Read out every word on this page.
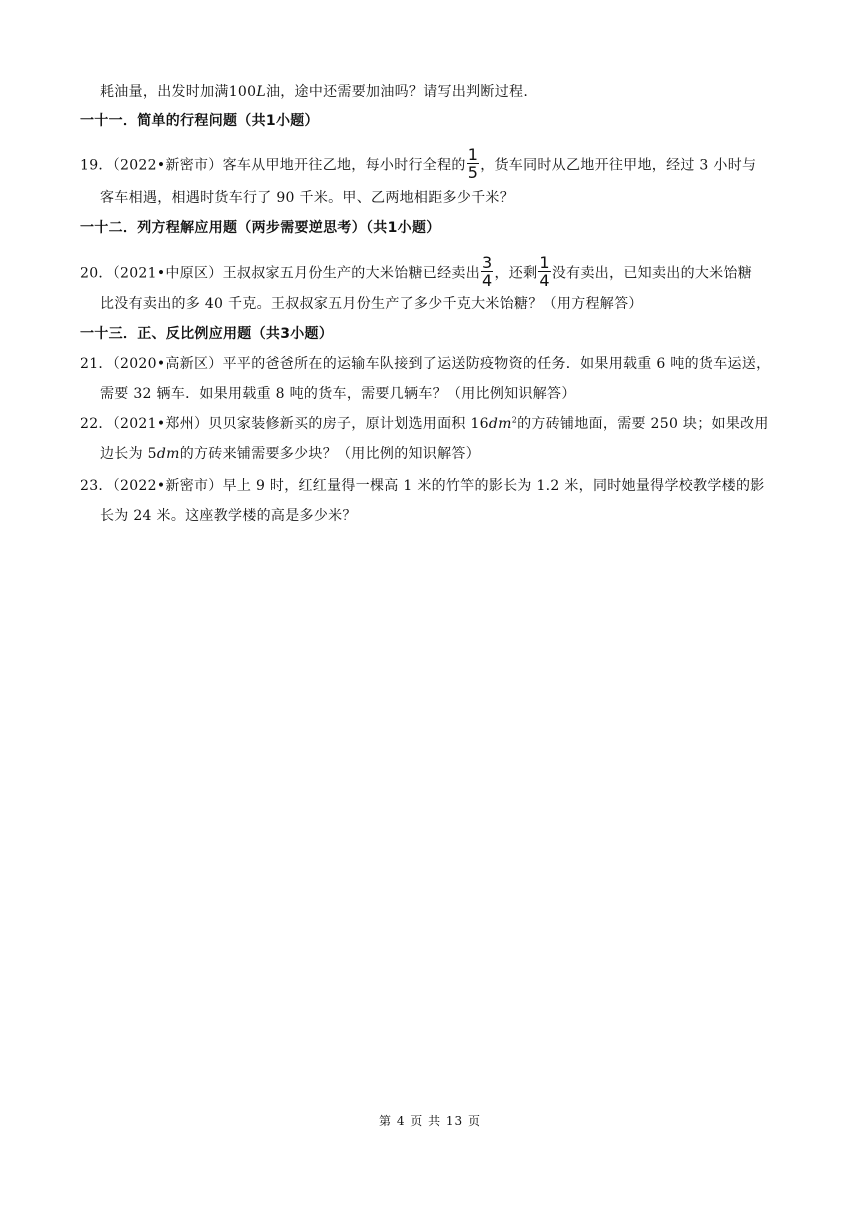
耗油量，出发时加满100L油，途中还需要加油吗？请写出判断过程.
一十一．简单的行程问题（共1小题）
19．（2022•新密市）客车从甲地开往乙地，每小时行全程的 $\frac{1}{5}$ ，货车同时从乙地开往甲地，经过 3 小时与
客车相遇，相遇时货车行了 90 千米。甲、乙两地相距多少千米？
一十二．列方程解应用题（两步需要逆思考）（共1小题）
20．（2021•中原区）王叔叔家五月份生产的大米饴糖已经卖出 $\frac{3}{4}$ ，还剩 $\frac{1}{4}$ 没有卖出，已知卖出的大米饴糖
比没有卖出的多 40 千克。王叔叔家五月份生产了多少千克大米饴糖？（用方程解答）
一十三．正、反比例应用题（共3小题）
21．（2020•高新区）平平的爸爸所在的运输车队接到了运送防疫物资的任务．如果用载重 6 吨的货车运送，
需要 32 辆车．如果用载重 8 吨的货车，需要几辆车？（用比例知识解答）
22．（2021•郑州）贝贝家装修新买的房子，原计划选用面积 $16dm^2$的方砖铺地面，需要 250 块；如果改用
边长为 5dm的方砖来铺需要多少块？（用比例的知识解答）
23．（2022•新密市）早上 9 时，红红量得一棵高 1 米的竹竿的影长为 1.2 米，同时她量得学校教学楼的影
长为 24 米。这座教学楼的高是多少米？
第 4 页 共 13 页
